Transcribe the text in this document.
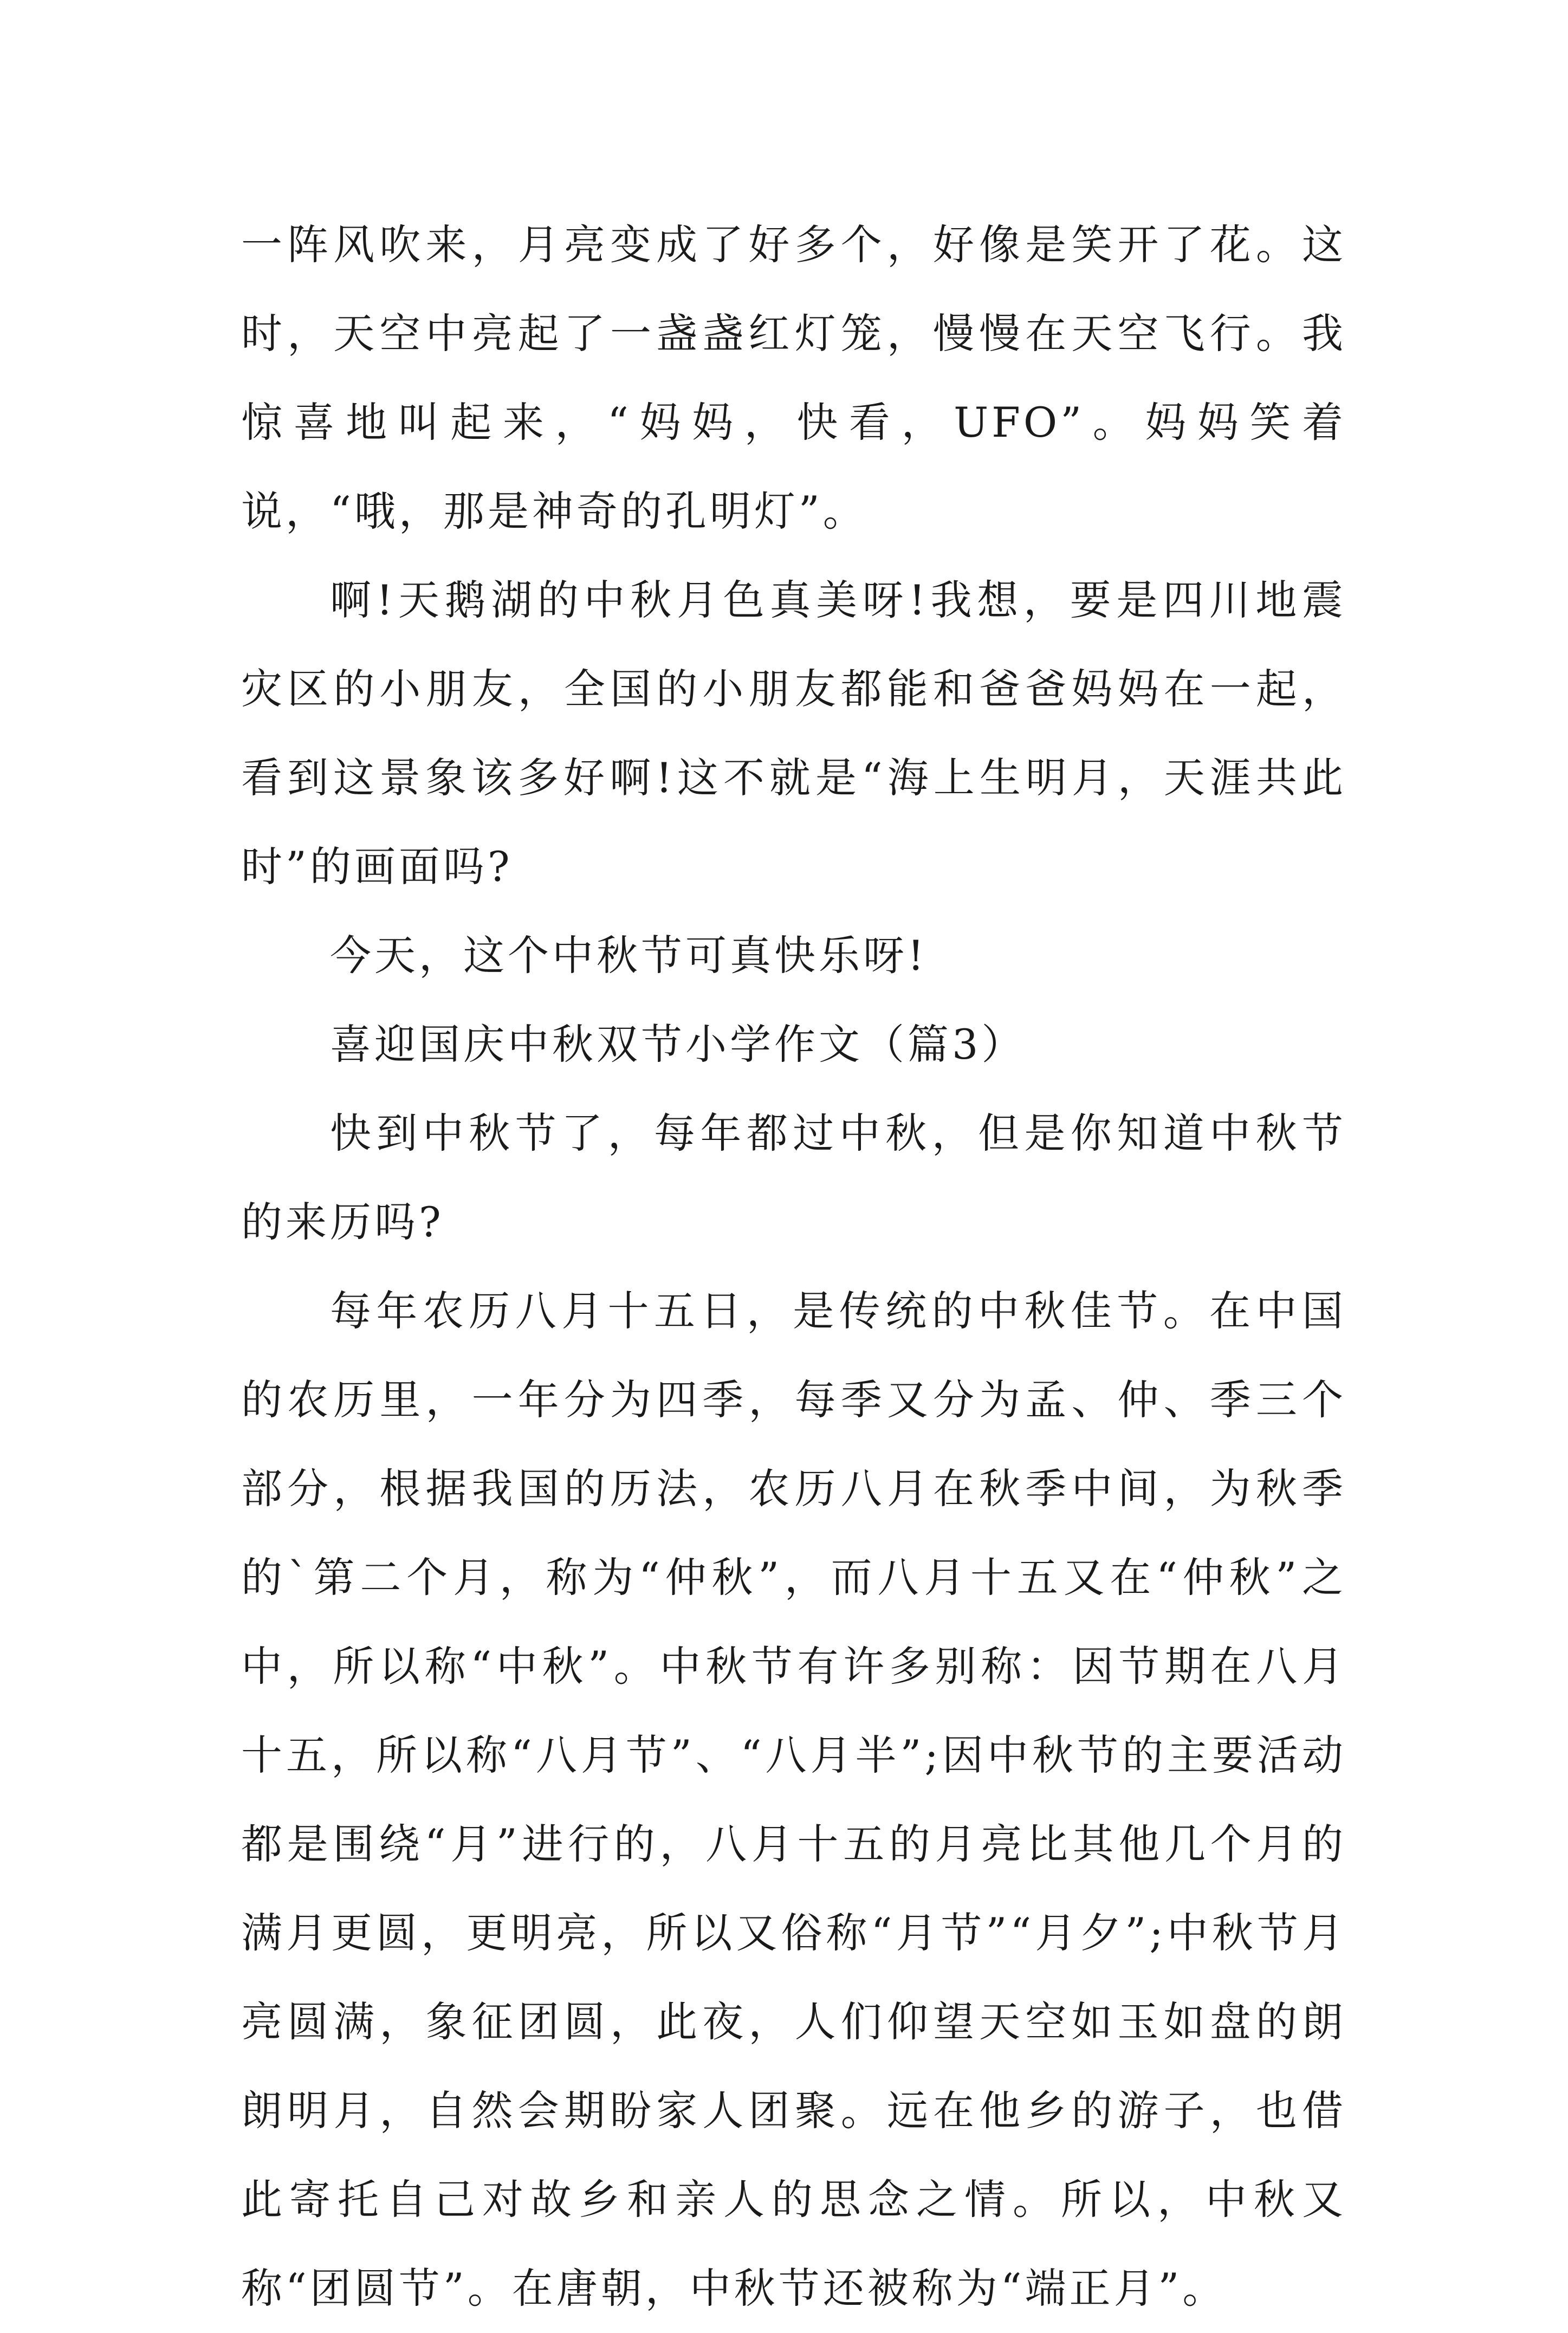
一阵风吹来，月亮变成了好多个，好像是笑开了花。这时，天空中亮起了一盏盏红灯笼，慢慢在天空飞行。我惊喜地叫起来，“妈妈，快看，UFO”。妈妈笑着说，“哦，那是神奇的孔明灯”。

啊!天鹅湖的中秋月色真美呀!我想，要是四川地震灾区的小朋友，全国的小朋友都能和爸爸妈妈在一起，看到这景象该多好啊!这不就是“海上生明月，天涯共此时”的画面吗?

今天，这个中秋节可真快乐呀!

喜迎国庆中秋双节小学作文（篇3）

快到中秋节了，每年都过中秋，但是你知道中秋节的来历吗?

每年农历八月十五日，是传统的中秋佳节。在中国的农历里，一年分为四季，每季又分为孟、仲、季三个部分，根据我国的历法，农历八月在秋季中间，为秋季的`第二个月，称为“仲秋”，而八月十五又在“仲秋”之中，所以称“中秋”。中秋节有许多别称：因节期在八月十五，所以称“八月节”、“八月半”;因中秋节的主要活动都是围绕“月”进行的，八月十五的月亮比其他几个月的满月更圆，更明亮，所以又俗称“月节”“月夕”;中秋节月亮圆满，象征团圆，此夜，人们仰望天空如玉如盘的朗朗明月，自然会期盼家人团聚。远在他乡的游子，也借此寄托自己对故乡和亲人的思念之情。所以，中秋又称“团圆节”。在唐朝，中秋节还被称为“端正月”。
